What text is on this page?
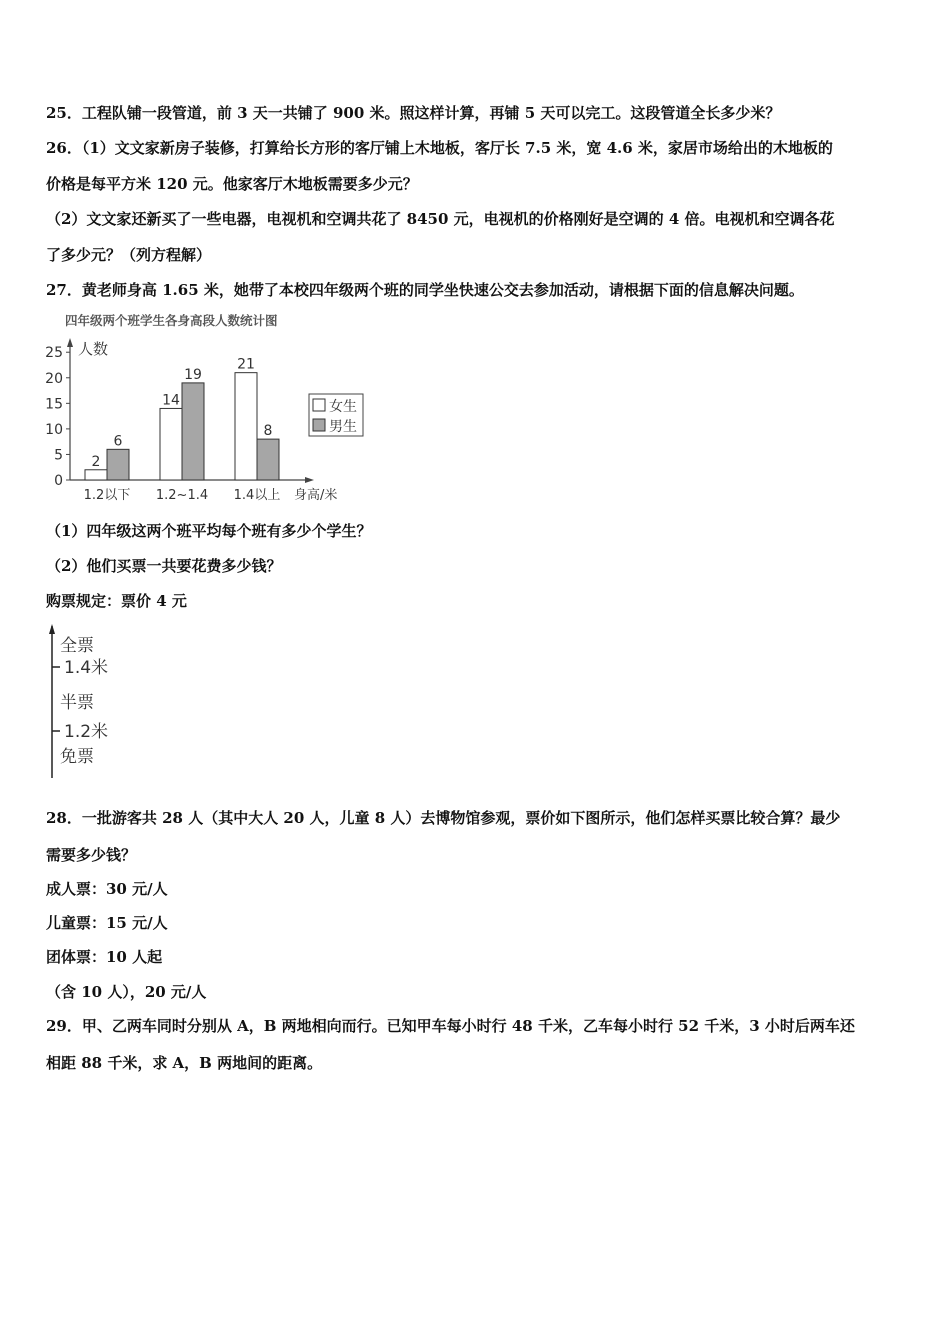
25．工程队铺一段管道，前 3 天一共铺了 900 米。照这样计算，再铺 5 天可以完工。这段管道全长多少米？
26．（1）文文家新房子装修，打算给长方形的客厅铺上木地板，客厅长 7.5 米，宽 4.6 米，家居市场给出的木地板的
价格是每平方米 120 元。他家客厅木地板需要多少元？
（2）文文家还新买了一些电器，电视机和空调共花了 8450 元，电视机的价格刚好是空调的 4 倍。电视机和空调各花
了多少元？（列方程解）
27．黄老师身高 1.65 米，她带了本校四年级两个班的同学坐快速公交去参加活动，请根据下面的信息解决问题。
四年级两个班学生各身高段人数统计图
人数
身高/米
0
5
10
15
20
25
女生
男生
2
6
1.2以下
14
19
1.2~1.4
21
8
1.4以上
（1）四年级这两个班平均每个班有多少个学生？
（2）他们买票一共要花费多少钱？
购票规定：票价 4 元
全票
1.4米
半票
1.2米
免票
28．一批游客共 28 人（其中大人 20 人，儿童 8 人）去博物馆参观，票价如下图所示，他们怎样买票比较合算？最少
需要多少钱？
成人票：30 元/人
儿童票：15 元/人
团体票：10 人起
（含 10 人），20 元/人
29．甲、乙两车同时分别从 A，B 两地相向而行。已知甲车每小时行 48 千米，乙车每小时行 52 千米，3 小时后两车还
相距 88 千米，求 A，B 两地间的距离。
